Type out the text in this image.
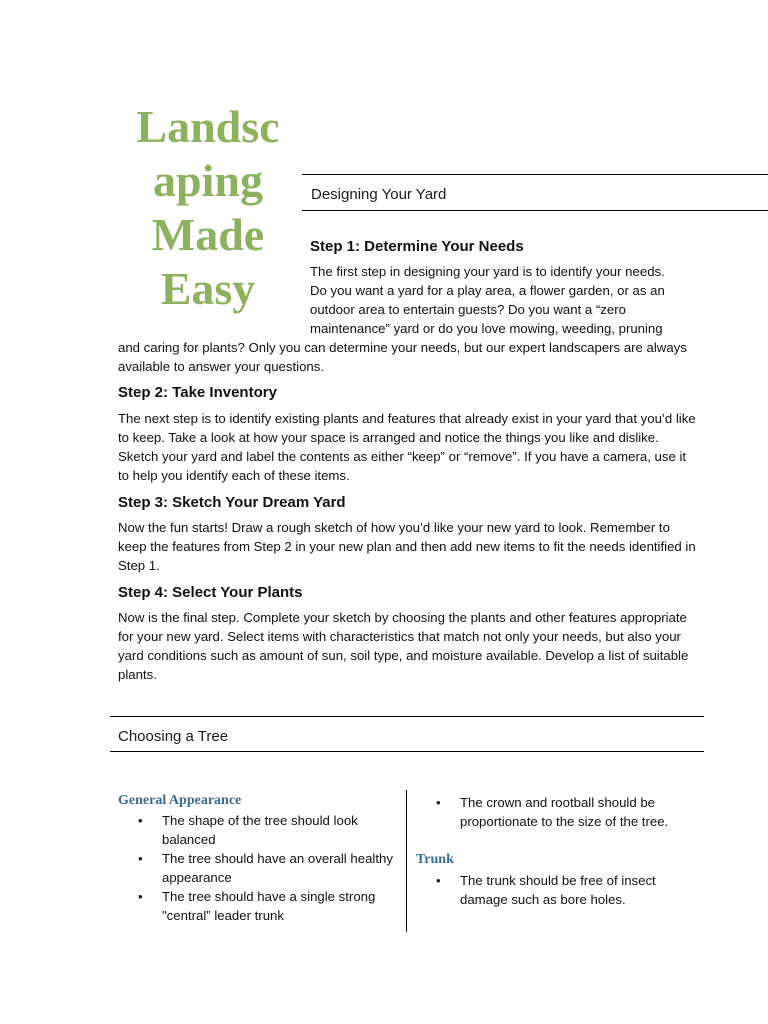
Landsc
aping
Made
Easy
Designing Your Yard
Step 1: Determine Your Needs

The first step in designing your yard is to identify your needs.

Do you want a yard for a play area, a flower garden, or as an

outdoor area to entertain guests? Do you want a “zero

maintenance” yard or do you love mowing, weeding, pruning

and caring for plants? Only you can determine your needs, but our expert landscapers are always available to answer your questions.

Step 2: Take Inventory

The next step is to identify existing plants and features that already exist in your yard that you’d like to keep. Take a look at how your space is arranged and notice the things you like and dislike. Sketch your yard and label the contents as either “keep” or “remove”. If you have a camera, use it to help you identify each of these items.

Step 3: Sketch Your Dream Yard

Now the fun starts! Draw a rough sketch of how you’d like your new yard to look. Remember to keep the features from Step 2 in your new plan and then add new items to fit the needs identified in Step 1.

Step 4: Select Your Plants

Now is the final step. Complete your sketch by choosing the plants and other features appropriate for your new yard. Select items with characteristics that match not only your needs, but also your yard conditions such as amount of sun, soil type, and moisture available. Develop a list of suitable plants.

Choosing a Tree
General Appearance
• The shape of the tree should look balanced
• The tree should have an overall healthy appearance
• The tree should have a single strong "central” leader trunk
• The crown and rootball should be proportionate to the size of the tree.
Trunk
• The trunk should be free of insect damage such as bore holes.
